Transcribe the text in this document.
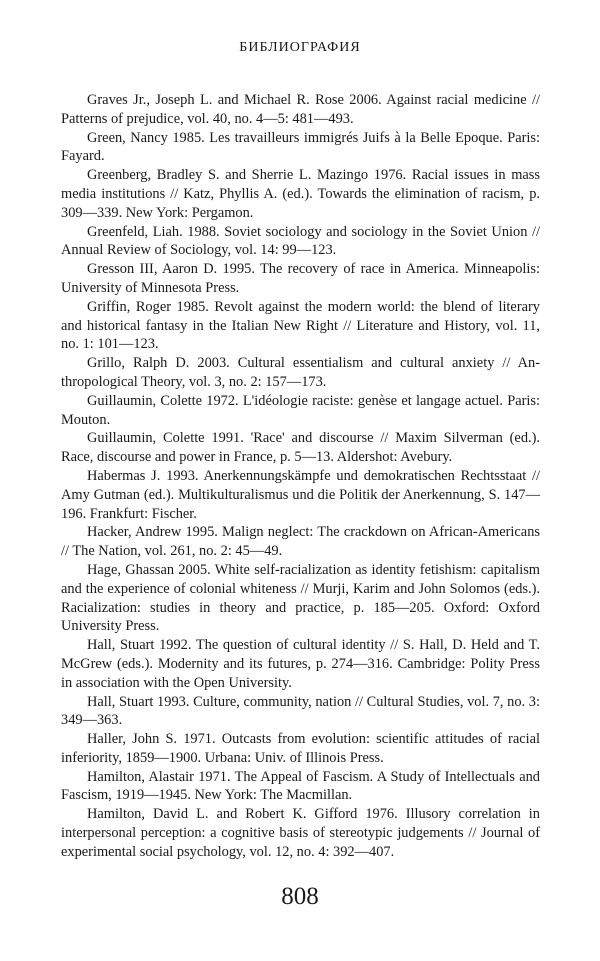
БИБЛИОГРАФИЯ
Graves Jr., Joseph L. and Michael R. Rose 2006. Against racial medicine // Patterns of prejudice, vol. 40, no. 4—5: 481—493.
Green, Nancy 1985. Les travailleurs immigrés Juifs à la Belle Epoque. Paris: Fayard.
Greenberg, Bradley S. and Sherrie L. Mazingo 1976. Racial issues in mass media institutions // Katz, Phyllis A. (ed.). Towards the elimination of racism, p. 309—339. New York: Pergamon.
Greenfeld, Liah. 1988. Soviet sociology and sociology in the Soviet Union // Annual Review of Sociology, vol. 14: 99—123.
Gresson III, Aaron D. 1995. The recovery of race in America. Minneapolis: University of Minnesota Press.
Griffin, Roger 1985. Revolt against the modern world: the blend of literary and historical fantasy in the Italian New Right // Literature and History, vol. 11, no. 1: 101—123.
Grillo, Ralph D. 2003. Cultural essentialism and cultural anxiety // Anthropological Theory, vol. 3, no. 2: 157—173.
Guillaumin, Colette 1972. L'idéologie raciste: genèse et langage actuel. Paris: Mouton.
Guillaumin, Colette 1991. 'Race' and discourse // Maxim Silverman (ed.). Race, discourse and power in France, p. 5—13. Aldershot: Avebury.
Habermas J. 1993. Anerkennungskämpfe und demokratischen Rechtsstaat // Amy Gutman (ed.). Multikulturalismus und die Politik der Anerkennung, S. 147—196. Frankfurt: Fischer.
Hacker, Andrew 1995. Malign neglect: The crackdown on African-Americans // The Nation, vol. 261, no. 2: 45—49.
Hage, Ghassan 2005. White self-racialization as identity fetishism: capitalism and the experience of colonial whiteness // Murji, Karim and John Solomos (eds.). Racialization: studies in theory and practice, p. 185—205. Oxford: Oxford University Press.
Hall, Stuart 1992. The question of cultural identity // S. Hall, D. Held and T. McGrew (eds.). Modernity and its futures, p. 274—316. Cambridge: Polity Press in association with the Open University.
Hall, Stuart 1993. Culture, community, nation // Cultural Studies, vol. 7, no. 3: 349—363.
Haller, John S. 1971. Outcasts from evolution: scientific attitudes of racial inferiority, 1859—1900. Urbana: Univ. of Illinois Press.
Hamilton, Alastair 1971. The Appeal of Fascism. A Study of Intellectuals and Fascism, 1919—1945. New York: The Macmillan.
Hamilton, David L. and Robert K. Gifford 1976. Illusory correlation in interpersonal perception: a cognitive basis of stereotypic judgements // Journal of experimental social psychology, vol. 12, no. 4: 392—407.
808
